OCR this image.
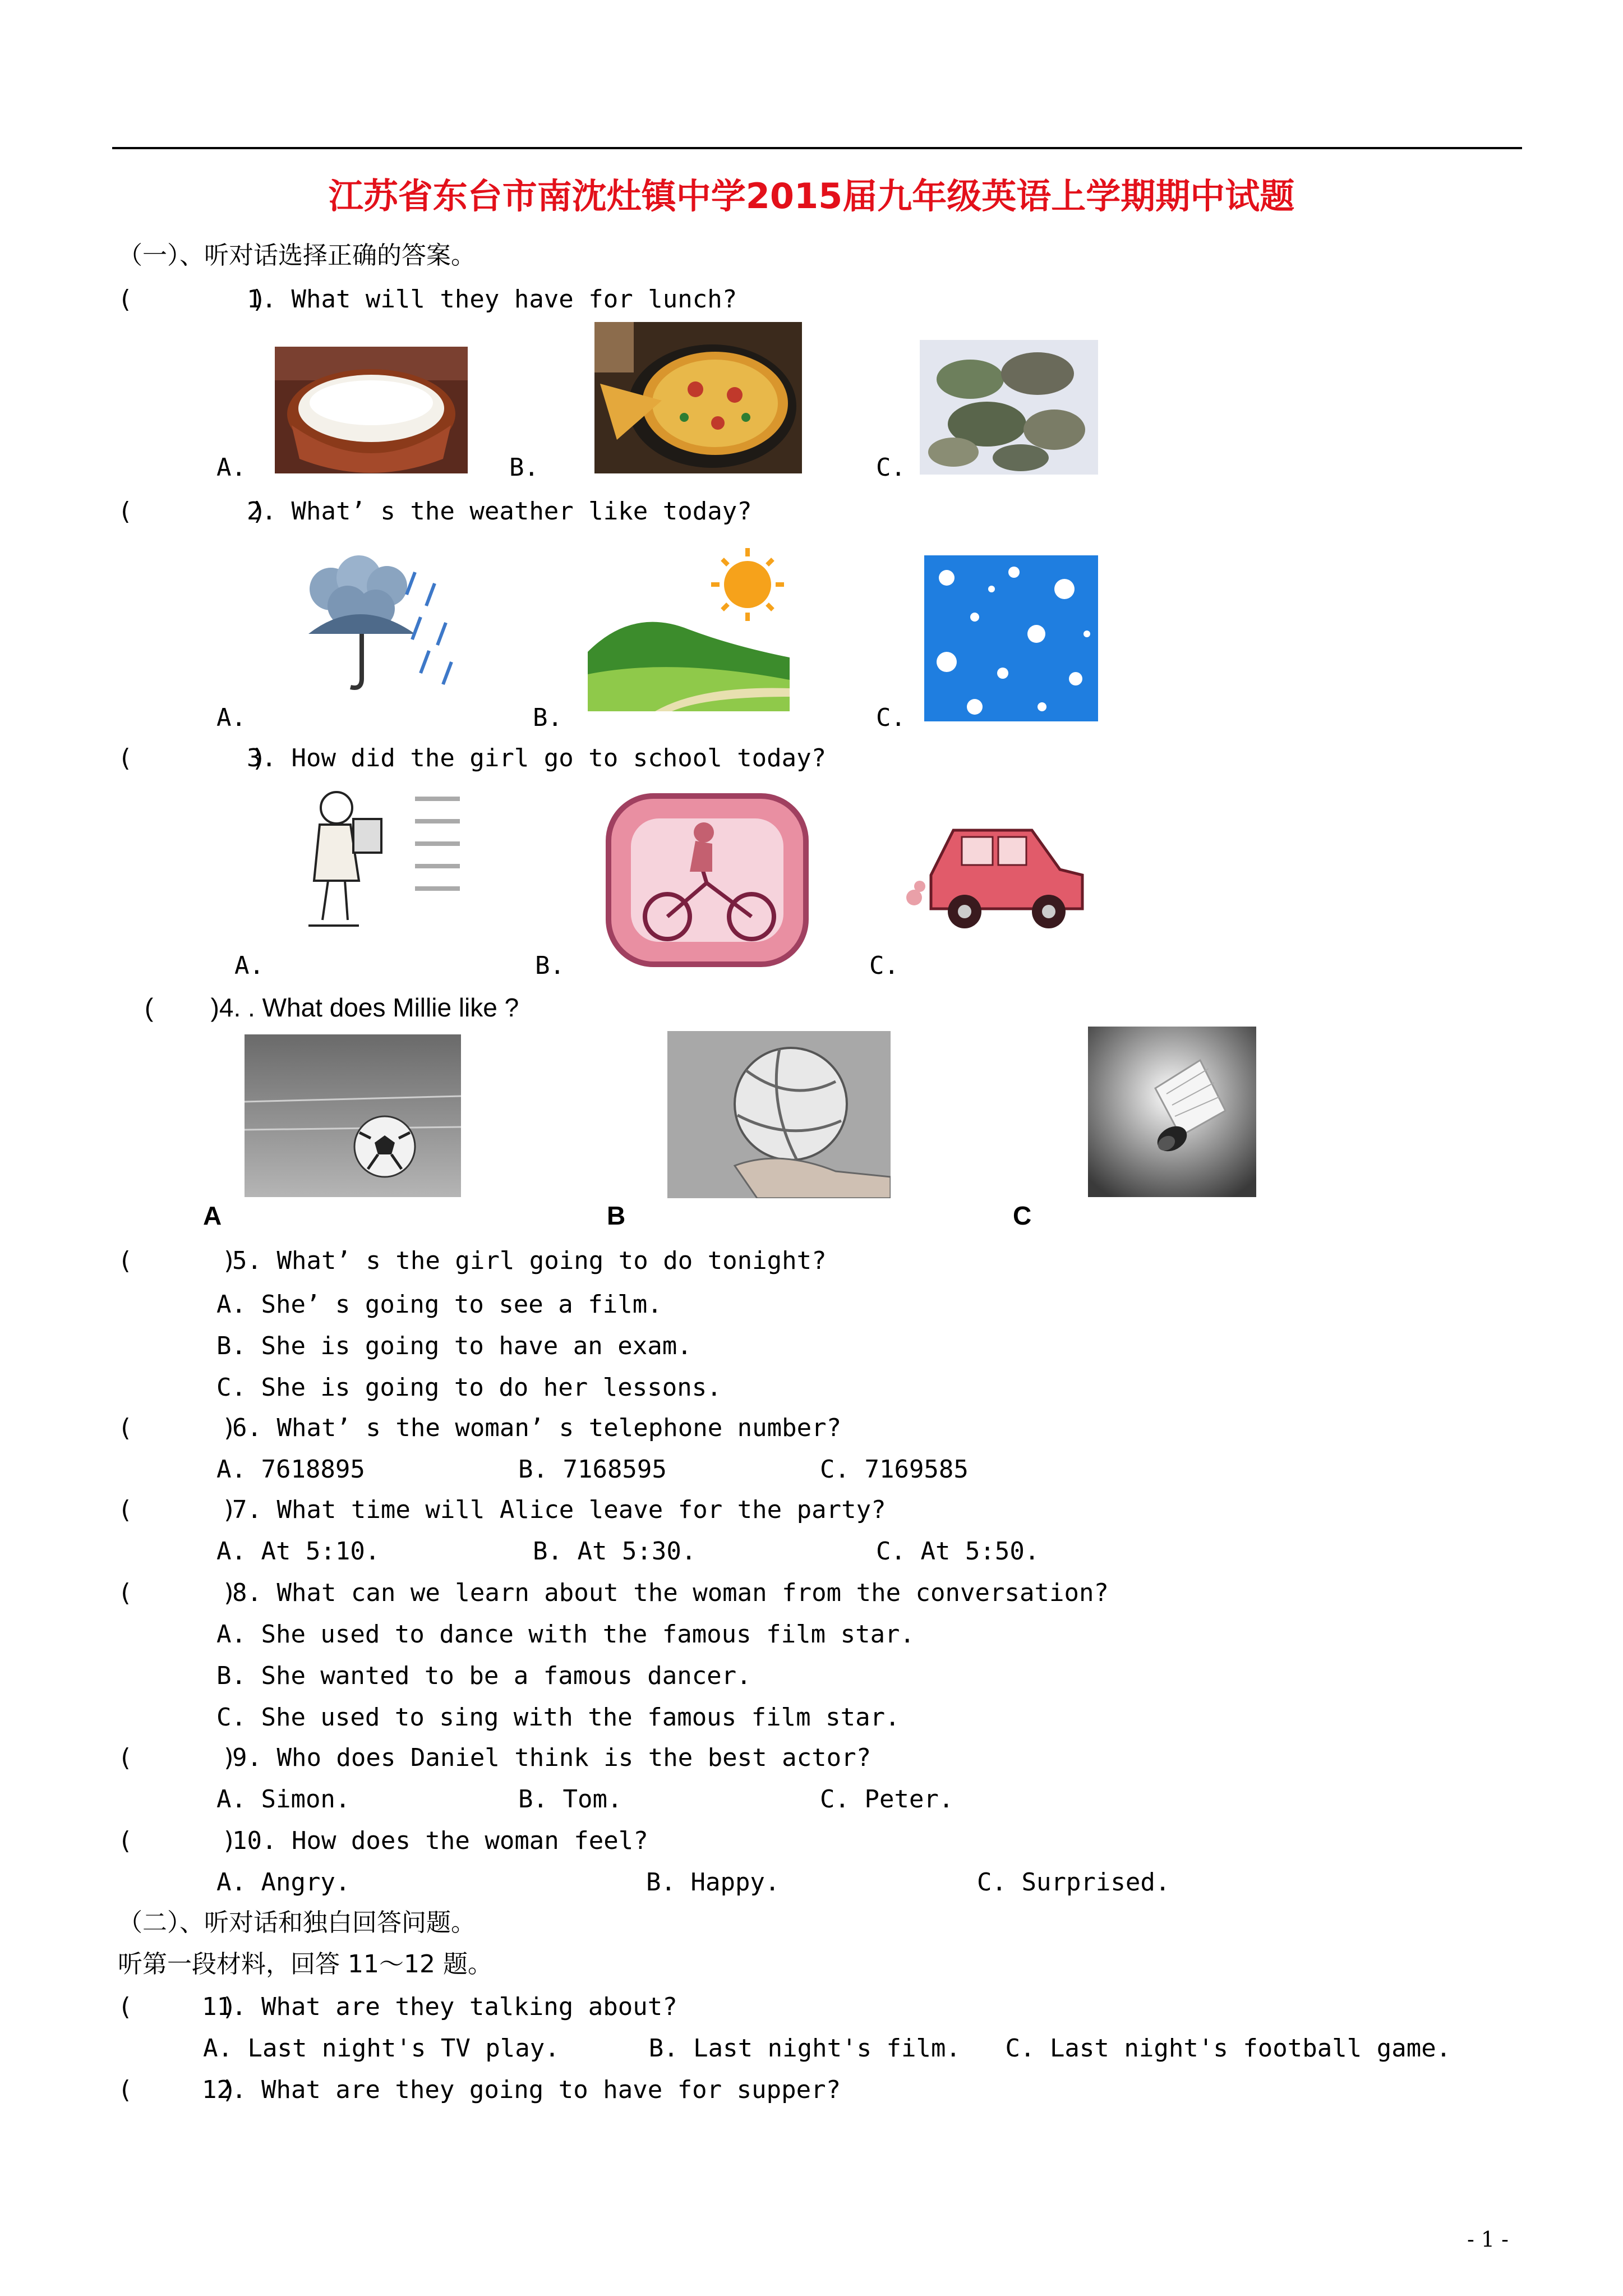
江苏省东台市南沈灶镇中学2015届九年级英语上学期期中试题
（一）、听对话选择正确的答案。
(        )
1. What will they have for lunch?
A.	B.	C.
(        )
2. What’ s the weather like today?
A.	B.	C.
(        )
3. How did the girl go to school today?
A.	B.	C.
(        )4. . What does Millie like ?
A	B	C
(      )
5. What’ s the girl going to do tonight?
A. She’ s going to see a film.
B. She is going to have an exam.
C. She is going to do her lessons.
(      )
6. What’ s the woman’ s telephone number?
A. 7618895	B. 7168595	C. 7169585
(      )
7. What time will Alice leave for the party?
A. At 5:10.	B. At 5:30.	C. At 5:50.
(      )
8. What can we learn about the woman from the conversation?
A. She used to dance with the famous film star.
B. She wanted to be a famous dancer.
C. She used to sing with the famous film star.
(      )
9. Who does Daniel think is the best actor?
A. Simon.	B. Tom.	C. Peter.
(      )
10. How does the woman feel?
A. Angry.	B. Happy.	C. Surprised.
（二）、听对话和独白回答问题。
听第一段材料，回答 11～12 题。
(      )
11. What are they talking about?
A. Last night's TV play.      B. Last night's film.   C. Last night's football game.
(      )
12. What are they going to have for supper?
- 1 -
